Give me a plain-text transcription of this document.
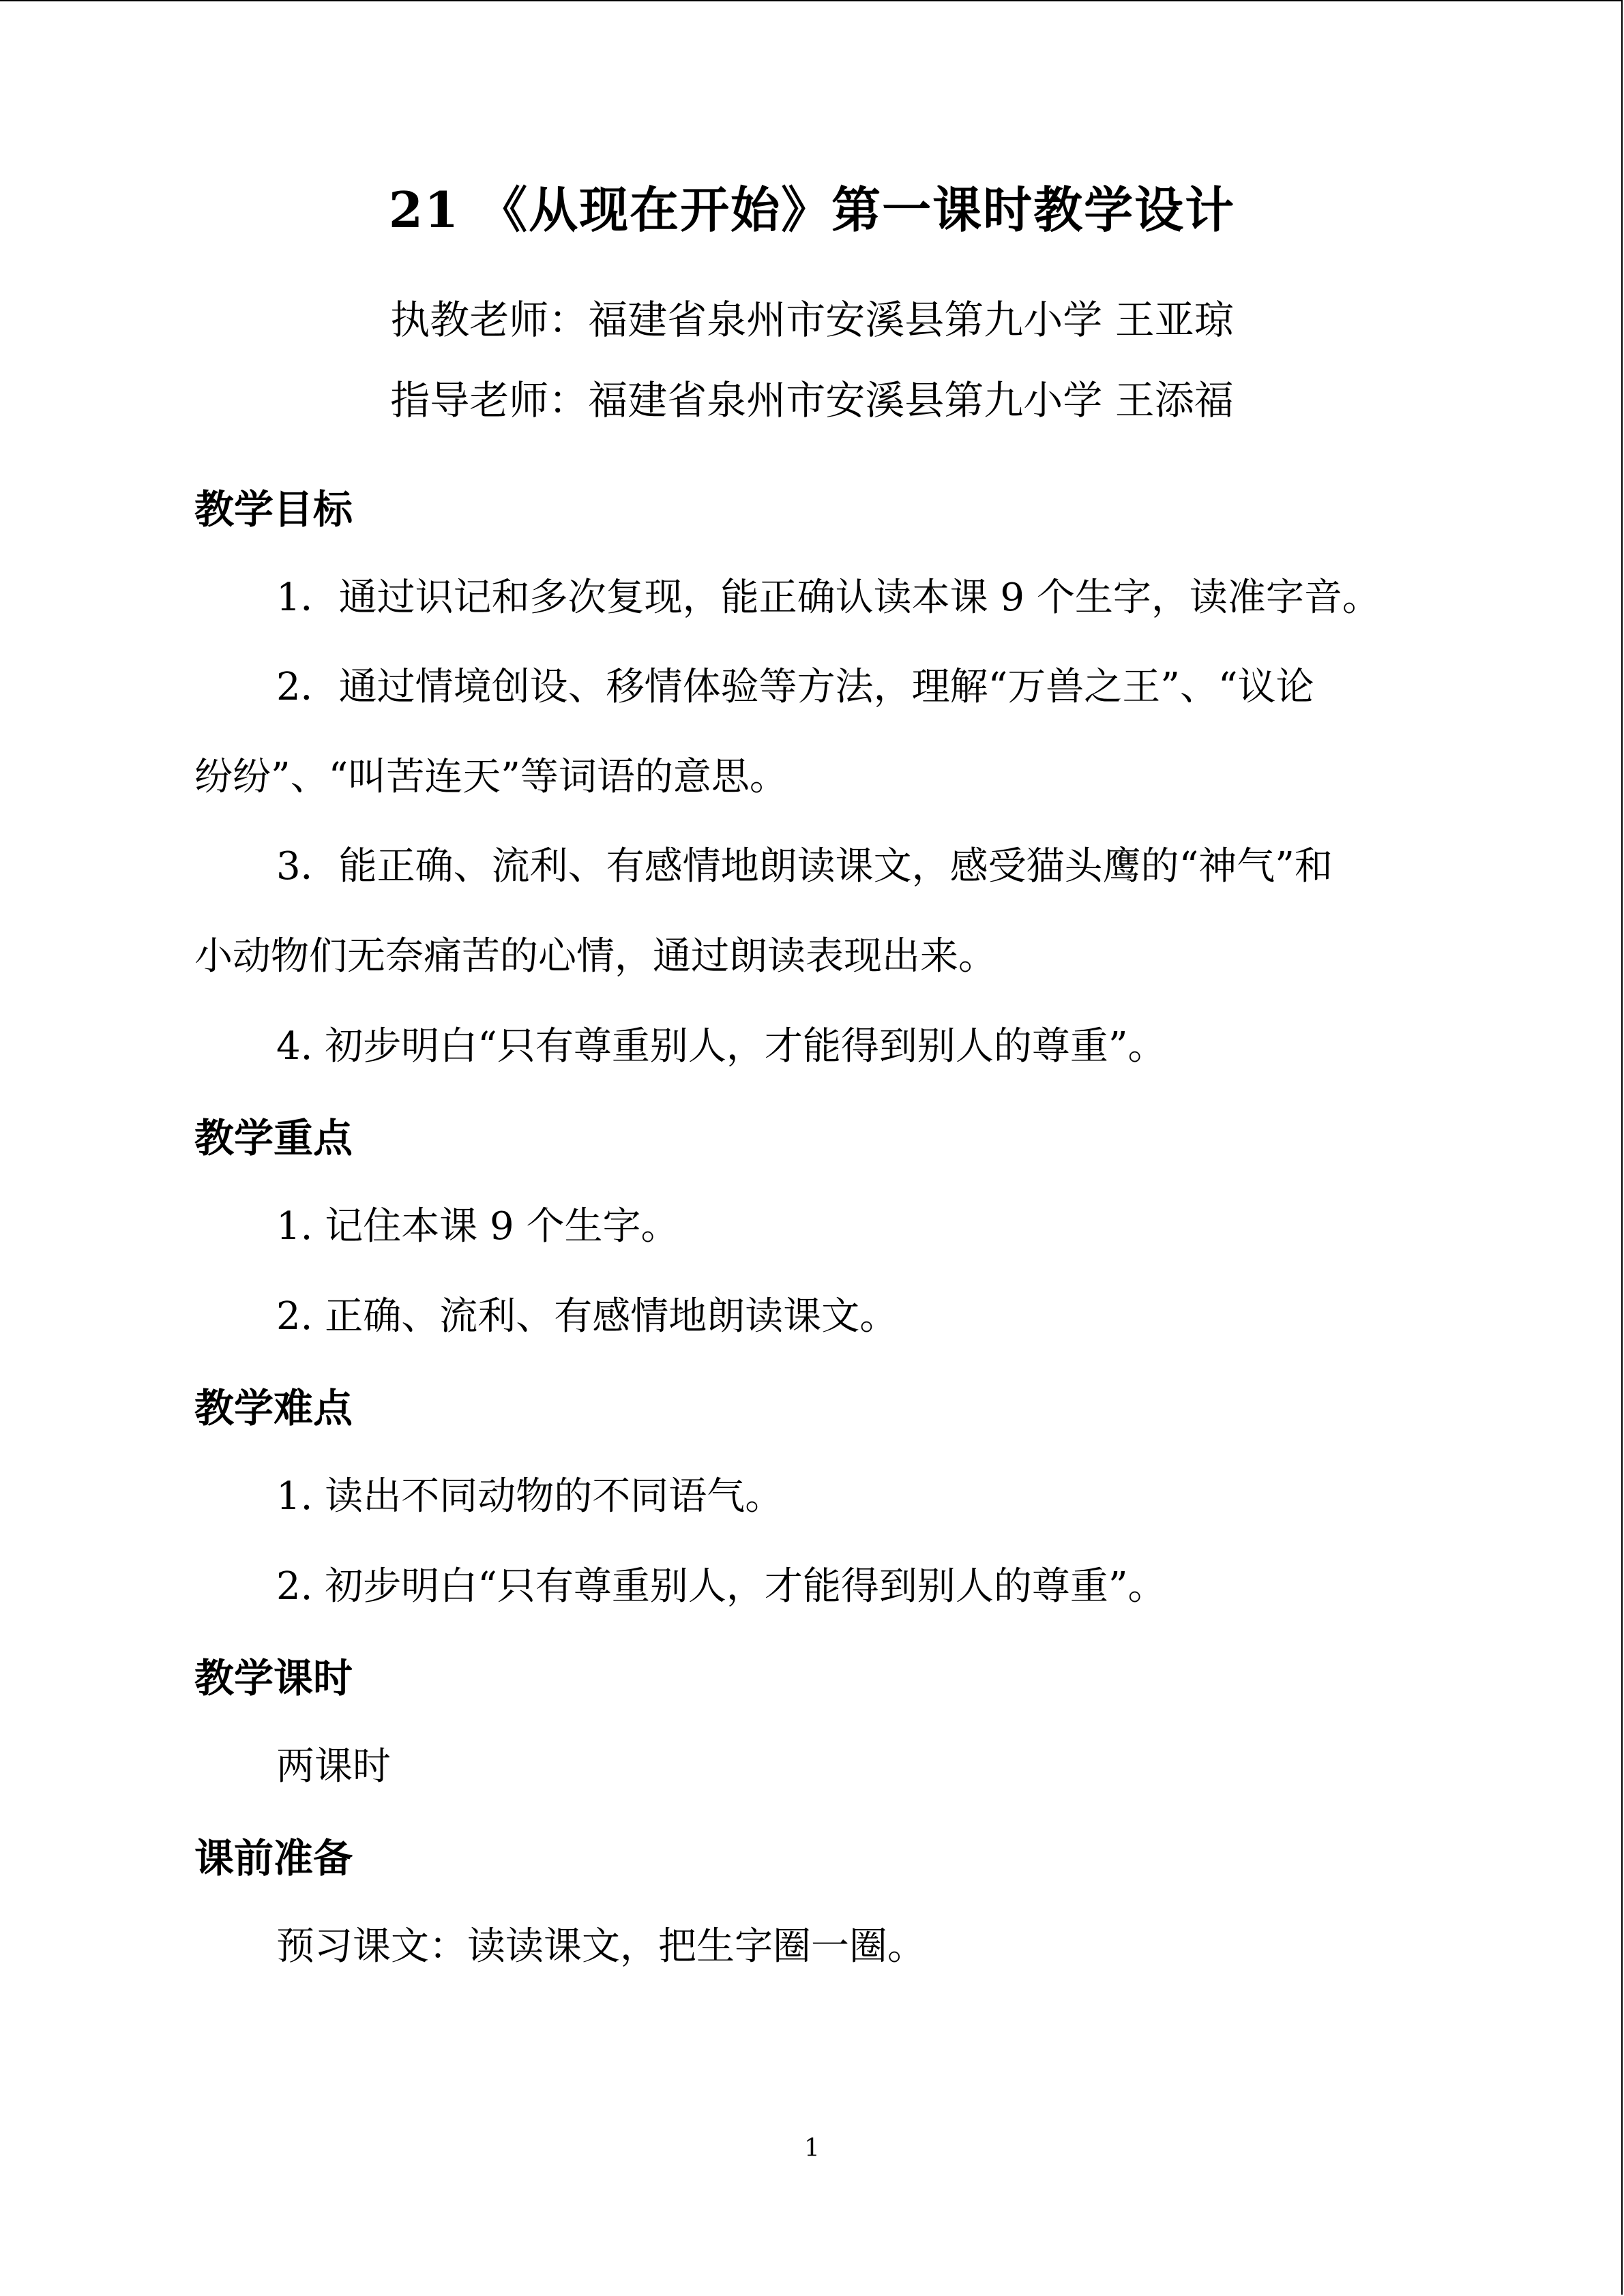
21 《从现在开始》第一课时教学设计
执教老师：福建省泉州市安溪县第九小学 王亚琼
指导老师：福建省泉州市安溪县第九小学 王添福
教学目标
1．通过识记和多次复现，能正确认读本课 9 个生字，读准字音。
2．通过情境创设、移情体验等方法，理解“万兽之王”、“议论
纷纷”、“叫苦连天”等词语的意思。
3．能正确、流利、有感情地朗读课文，感受猫头鹰的“神气”和
小动物们无奈痛苦的心情，通过朗读表现出来。
4. 初步明白“只有尊重别人，才能得到别人的尊重”。
教学重点
1. 记住本课 9 个生字。
2. 正确、流利、有感情地朗读课文。
教学难点
1. 读出不同动物的不同语气。
2. 初步明白“只有尊重别人，才能得到别人的尊重”。
教学课时
两课时
课前准备
预习课文：读读课文，把生字圈一圈。
1
